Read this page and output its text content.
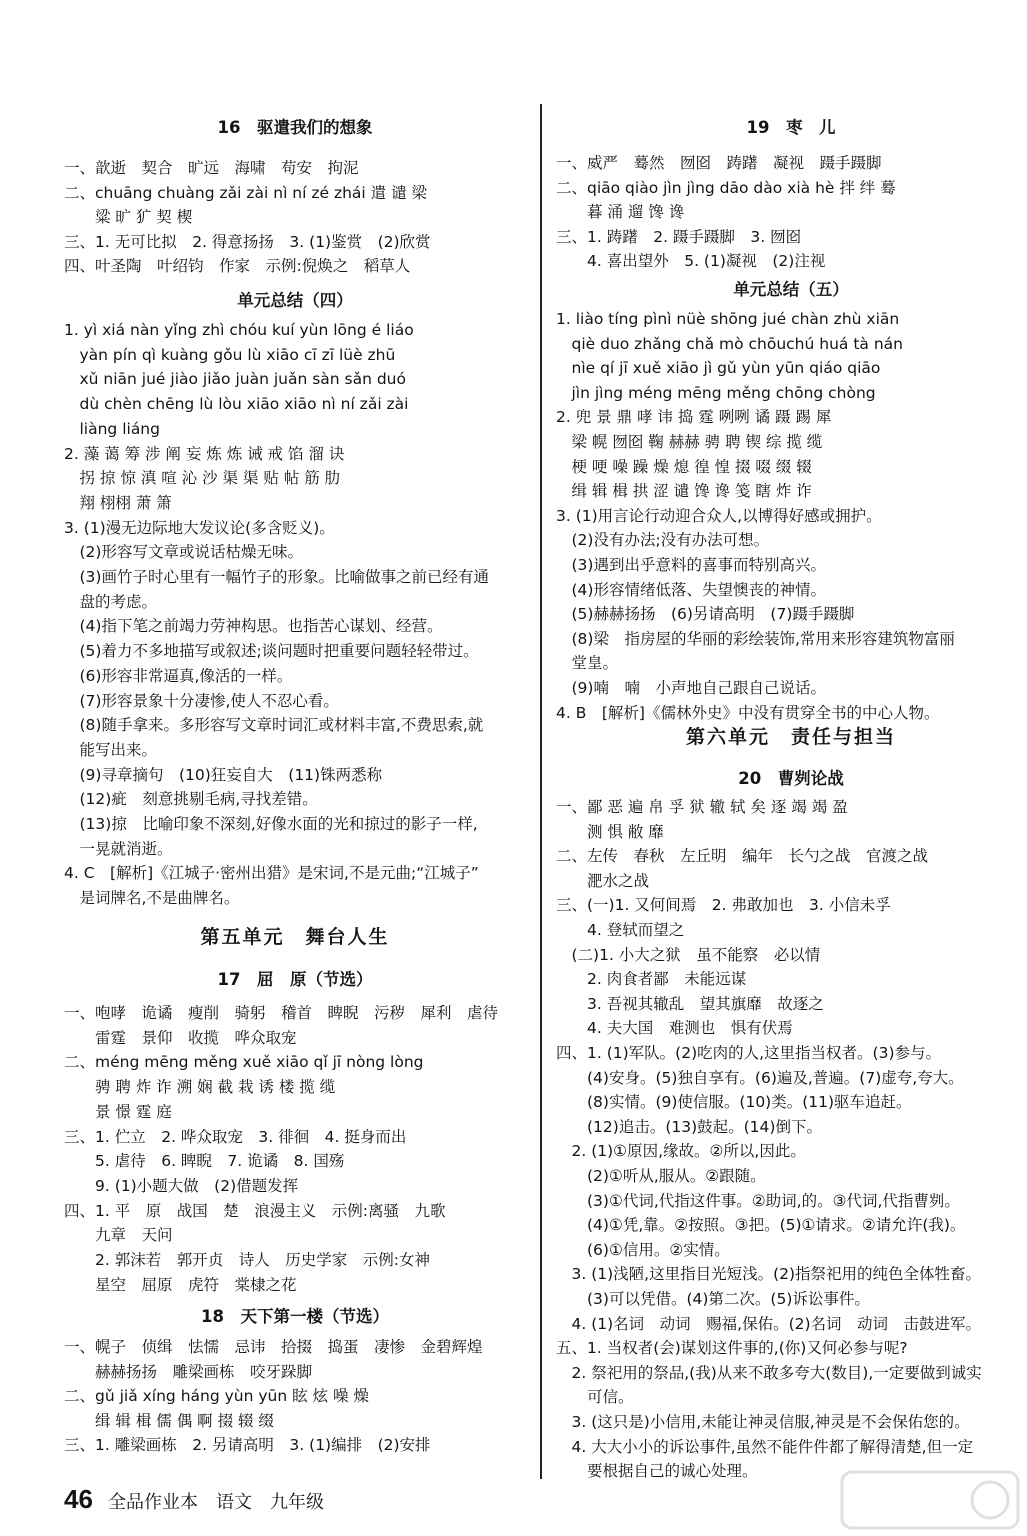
16　驱遣我们的想象
一、歆逝　契合　旷远　海啸　苟安　拘泥
二、chuāng chuàng zǎi zài nì ní zé zhái 遣 谴 梁
　　粱 旷 犷 契 楔
三、1. 无可比拟　2. 得意扬扬　3. (1)鉴赏　(2)欣赏
四、叶圣陶　叶绍钧　作家　示例:倪焕之　稻草人
单元总结（四）
1. yì xiá nàn yǐng zhì chóu kuí yùn lōng é liáo
　yàn pín qì kuàng gǒu lù xiāo cī zī lüè zhū
　xǔ niān jué jiào jiǎo juàn juǎn sàn sǎn duó
　dù chèn chēng lù lòu xiāo xiāo nì ní zǎi zài
　liàng liáng
2. 藻 蔼 筹 涉 阐 妄 炼 炼 诫 戒 馅 溜 诀
　拐 掠 惊 滇 喧 沁 沙 渠 渠 贴 帖 筋 肋
　翔 栩栩 萧 箫
3. (1)漫无边际地大发议论(多含贬义)。
　(2)形容写文章或说话枯燥无味。
　(3)画竹子时心里有一幅竹子的形象。比喻做事之前已经有通
　盘的考虑。
　(4)指下笔之前竭力劳神构思。也指苦心谋划、经营。
　(5)着力不多地描写或叙述;谈问题时把重要问题轻轻带过。
　(6)形容非常逼真,像活的一样。
　(7)形容景象十分凄惨,使人不忍心看。
　(8)随手拿来。多形容写文章时词汇或材料丰富,不费思索,就
　能写出来。
　(9)寻章摘句　(10)狂妄自大　(11)铢两悉称
　(12)疵　刻意挑剔毛病,寻找差错。
　(13)掠　比喻印象不深刻,好像水面的光和掠过的影子一样,
　一晃就消逝。
4. C　[解析]《江城子·密州出猎》是宋词,不是元曲;“江城子”
　是词牌名,不是曲牌名。
第五单元　舞台人生
17　屈　原（节选）
一、咆哮　诡谲　瘦削　骑躬　稽首　睥睨　污秽　犀利　虐待
　　雷霆　景仰　收揽　哗众取宠
二、méng mēng měng xuě xiāo qǐ jī nòng lòng
　　骋 聘 炸 诈 溯 娴 截 栽 诱 楼 揽 缆
　　景 憬 霆 庭
三、1. 伫立　2. 哗众取宠　3. 徘徊　4. 挺身而出
　　5. 虐待　6. 睥睨　7. 诡谲　8. 国殇
　　9. (1)小题大做　(2)借题发挥
四、1. 平　原　战国　楚　浪漫主义　示例:离骚　九歌
　　九章　天问
　　2. 郭沫若　郭开贞　诗人　历史学家　示例:女神
　　星空　屈原　虎符　棠棣之花
18　天下第一楼（节选）
一、幌子　侦缉　怯懦　忌讳　拾掇　捣蛋　凄惨　金碧辉煌
　　赫赫扬扬　雕梁画栋　咬牙跺脚
二、gǔ jiǎ xíng háng yùn yūn 眩 炫 噪 燥
　　缉 辑 楫 儒 偶 啊 掇 辍 缀
三、1. 雕梁画栋　2. 另请高明　3. (1)编排　(2)安排
19　枣　儿
一、威严　蓦然　囫囵　踌躇　凝视　蹑手蹑脚
二、qiāo qiào jìn jìng dāo dào xià hè 拌 绊 蓦
　　暮 涌 遛 馋 谗
三、1. 踌躇　2. 蹑手蹑脚　3. 囫囵
　　4. 喜出望外　5. (1)凝视　(2)注视
单元总结（五）
1. liào tíng pìnì nüè shōng jué chàn zhù xiān
　qiè duo zhǎng chǎ mò chōuchú huá tà nán
　nìe qí jī xuě xiāo jì gǔ yùn yūn qiáo qiāo
　jìn jìng méng mēng měng chōng chòng
2. 兜 景 鼎 哮 讳 捣 霆 咧咧 谲 蹑 踢 犀
　梁 幌 囫囵 鞠 赫赫 骋 聘 锲 综 揽 缆
　梗 哽 噪 躁 燥 熄 徨 惶 掇 啜 缀 辍
　缉 辑 楫 拱 涩 谴 馋 谗 笺 瞎 炸 诈
3. (1)用言论行动迎合众人,以博得好感或拥护。
　(2)没有办法;没有办法可想。
　(3)遇到出乎意料的喜事而特别高兴。
　(4)形容情绪低落、失望懊丧的神情。
　(5)赫赫扬扬　(6)另请高明　(7)蹑手蹑脚
　(8)梁　指房屋的华丽的彩绘装饰,常用来形容建筑物富丽
　堂皇。
　(9)喃　喃　小声地自己跟自己说话。
4. B　[解析]《儒林外史》中没有贯穿全书的中心人物。
第六单元　责任与担当
20　曹刿论战
一、鄙 恶 遍 帛 孚 狱 辙 轼 矣 逐 竭 竭 盈
　　测 惧 敝 靡
二、左传　春秋　左丘明　编年　长勺之战　官渡之战
　　淝水之战
三、(一)1. 又何间焉　2. 弗敢加也　3. 小信未孚
　　4. 登轼而望之
　(二)1. 小大之狱　虽不能察　必以情
　　2. 肉食者鄙　未能远谋
　　3. 吾视其辙乱　望其旗靡　故逐之
　　4. 夫大国　难测也　惧有伏焉
四、1. (1)军队。(2)吃肉的人,这里指当权者。(3)参与。
　　(4)安身。(5)独自享有。(6)遍及,普遍。(7)虚夸,夸大。
　　(8)实情。(9)使信服。(10)类。(11)驱车追赶。
　　(12)追击。(13)鼓起。(14)倒下。
　2. (1)①原因,缘故。②所以,因此。
　　(2)①听从,服从。②跟随。
　　(3)①代词,代指这件事。②助词,的。③代词,代指曹刿。
　　(4)①凭,靠。②按照。③把。(5)①请求。②请允许(我)。
　　(6)①信用。②实情。
　3. (1)浅陋,这里指目光短浅。(2)指祭祀用的纯色全体牲畜。
　　(3)可以凭借。(4)第二次。(5)诉讼事件。
　4. (1)名词　动词　赐福,保佑。(2)名词　动词　击鼓进军。
五、1. 当权者(会)谋划这件事的,(你)又何必参与呢?
　2. 祭祀用的祭品,(我)从来不敢多夸大(数目),一定要做到诚实
　　可信。
　3. (这只是)小信用,未能让神灵信服,神灵是不会保佑您的。
　4. 大大小小的诉讼事件,虽然不能件件都了解得清楚,但一定
　　要根据自己的诚心处理。
46 全品作业本　语文　九年级
